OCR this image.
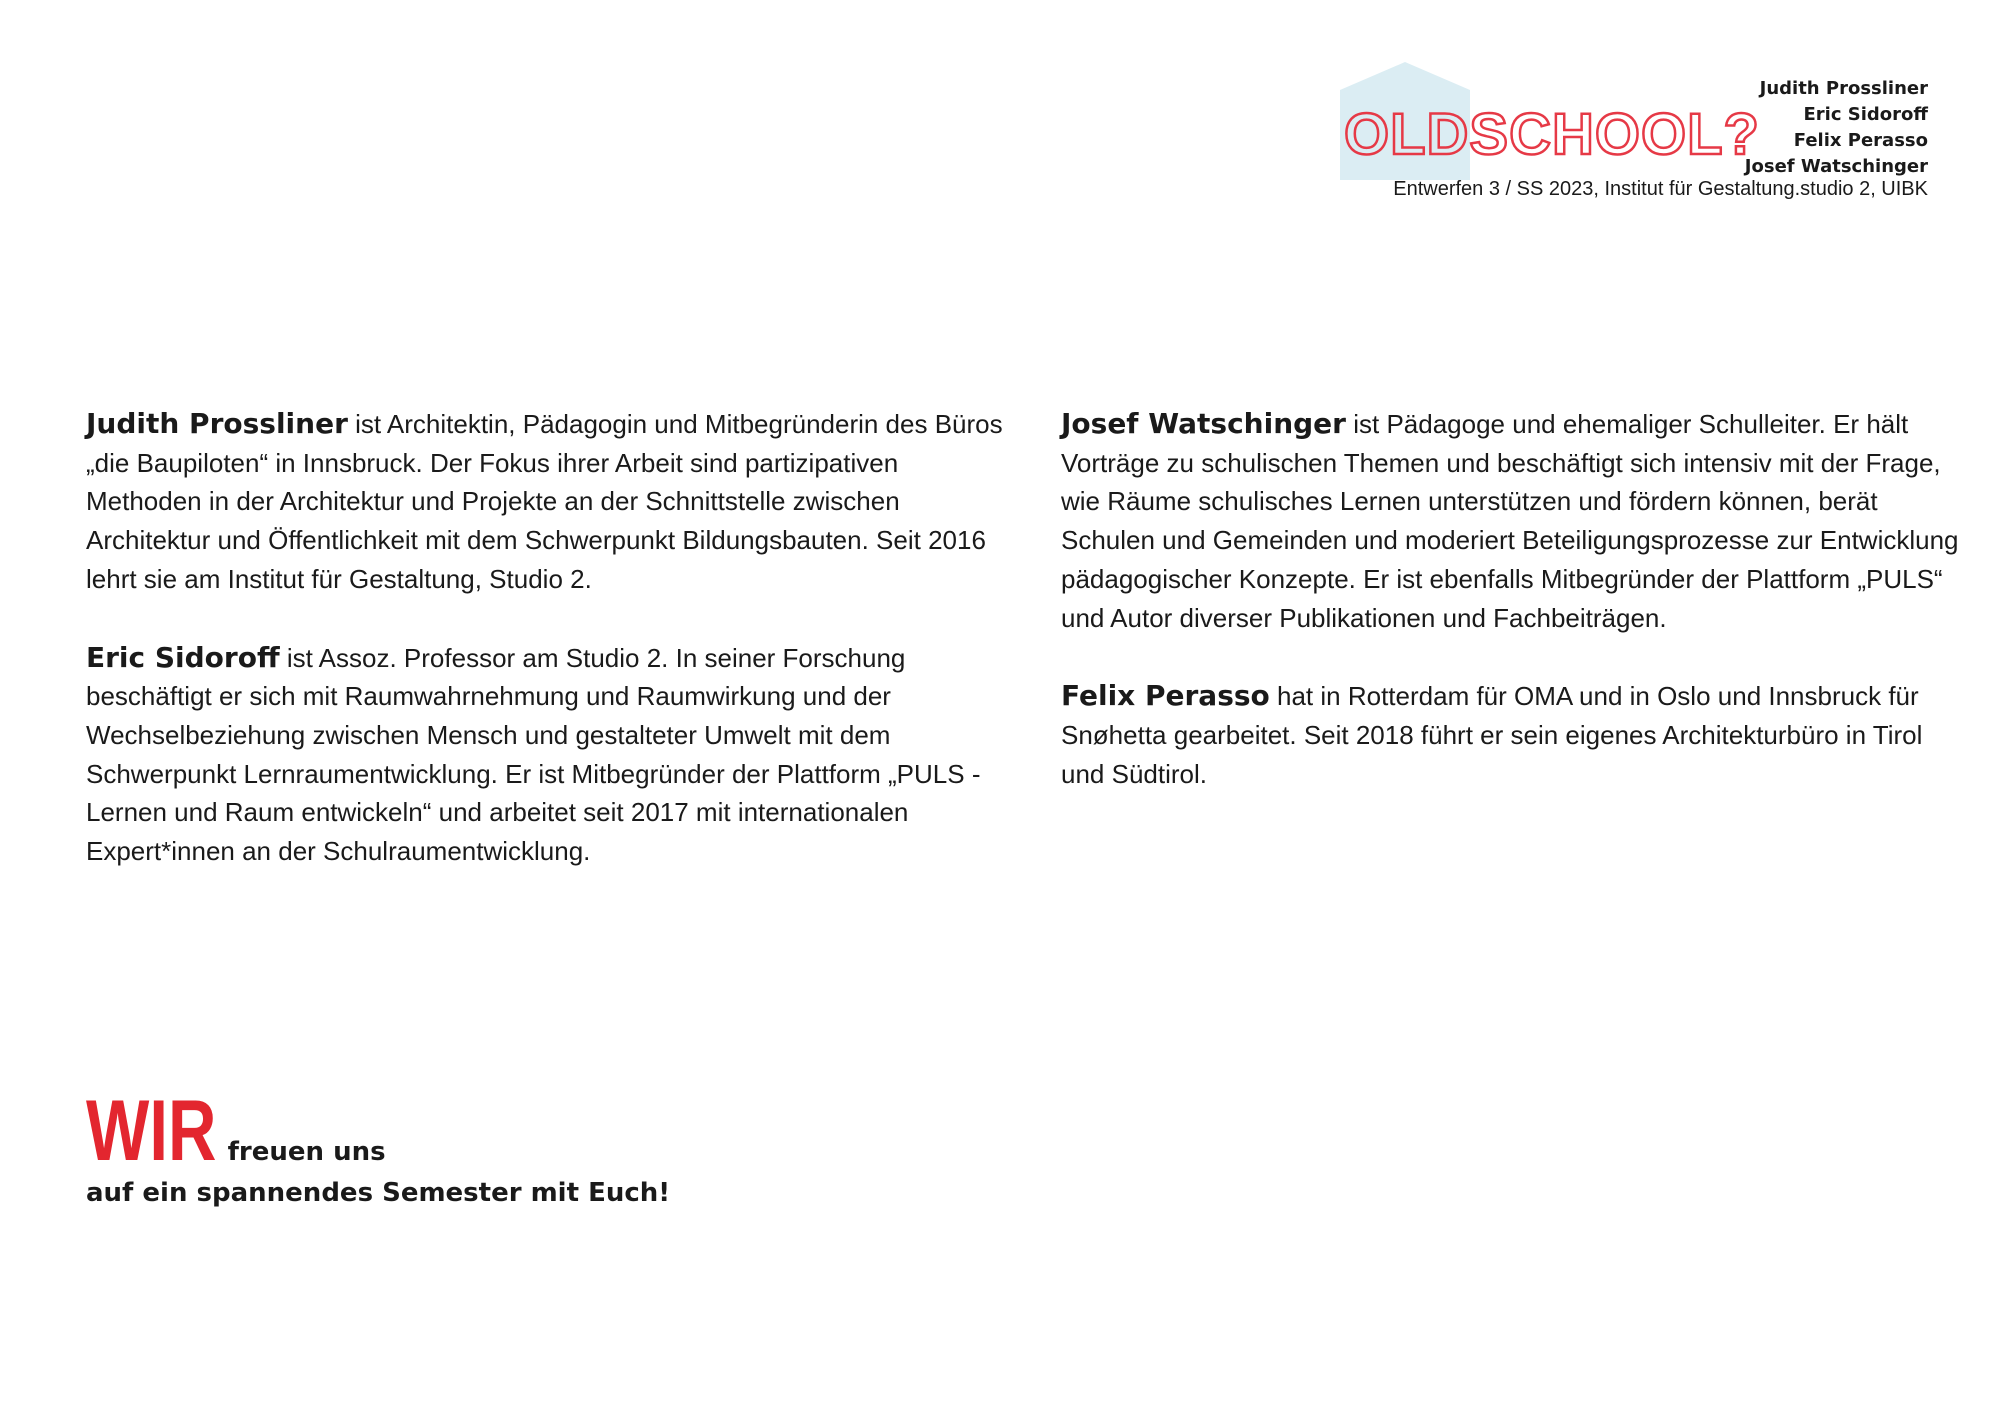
OLDSCHOOL?

Judith Prossliner
Eric Sidoroff
Felix Perasso
Josef Watschinger

Entwerfen 3 / SS 2023, Institut für Gestaltung.studio 2, UIBK

Judith Prossliner ist Architektin, Pädagogin und Mitbegründerin des Büros „die Baupiloten“ in Innsbruck. Der Fokus ihrer Arbeit sind partizipativen Methoden in der Architektur und Projekte an der Schnittstelle zwischen Architektur und Öffentlichkeit mit dem Schwerpunkt Bildungsbauten. Seit 2016 lehrt sie am Institut für Gestaltung, Studio 2.

Eric Sidoroff ist Assoz. Professor am Studio 2. In seiner Forschung beschäftigt er sich mit Raumwahrnehmung und Raumwirkung und der Wechselbeziehung zwischen Mensch und gestalteter Umwelt mit dem Schwerpunkt Lernraumentwicklung. Er ist Mitbegründer der Plattform „PULS - Lernen und Raum entwickeln“ und arbeitet seit 2017 mit internationalen Expert*innen an der Schulraumentwicklung.

Josef Watschinger ist Pädagoge und ehemaliger Schulleiter. Er hält Vorträge zu schulischen Themen und beschäftigt sich intensiv mit der Frage, wie Räume schulisches Lernen unterstützen und fördern können, berät Schulen und Gemeinden und moderiert Beteiligungsprozesse zur Entwicklung pädagogischer Konzepte. Er ist ebenfalls Mitbegründer der Plattform „PULS“ und Autor diverser Publikationen und Fachbeiträgen.

Felix Perasso hat in Rotterdam für OMA und in Oslo und Innsbruck für Snøhetta gearbeitet. Seit 2018 führt er sein eigenes Architekturbüro in Tirol und Südtirol.

WIR freuen uns
auf ein spannendes Semester mit Euch!
